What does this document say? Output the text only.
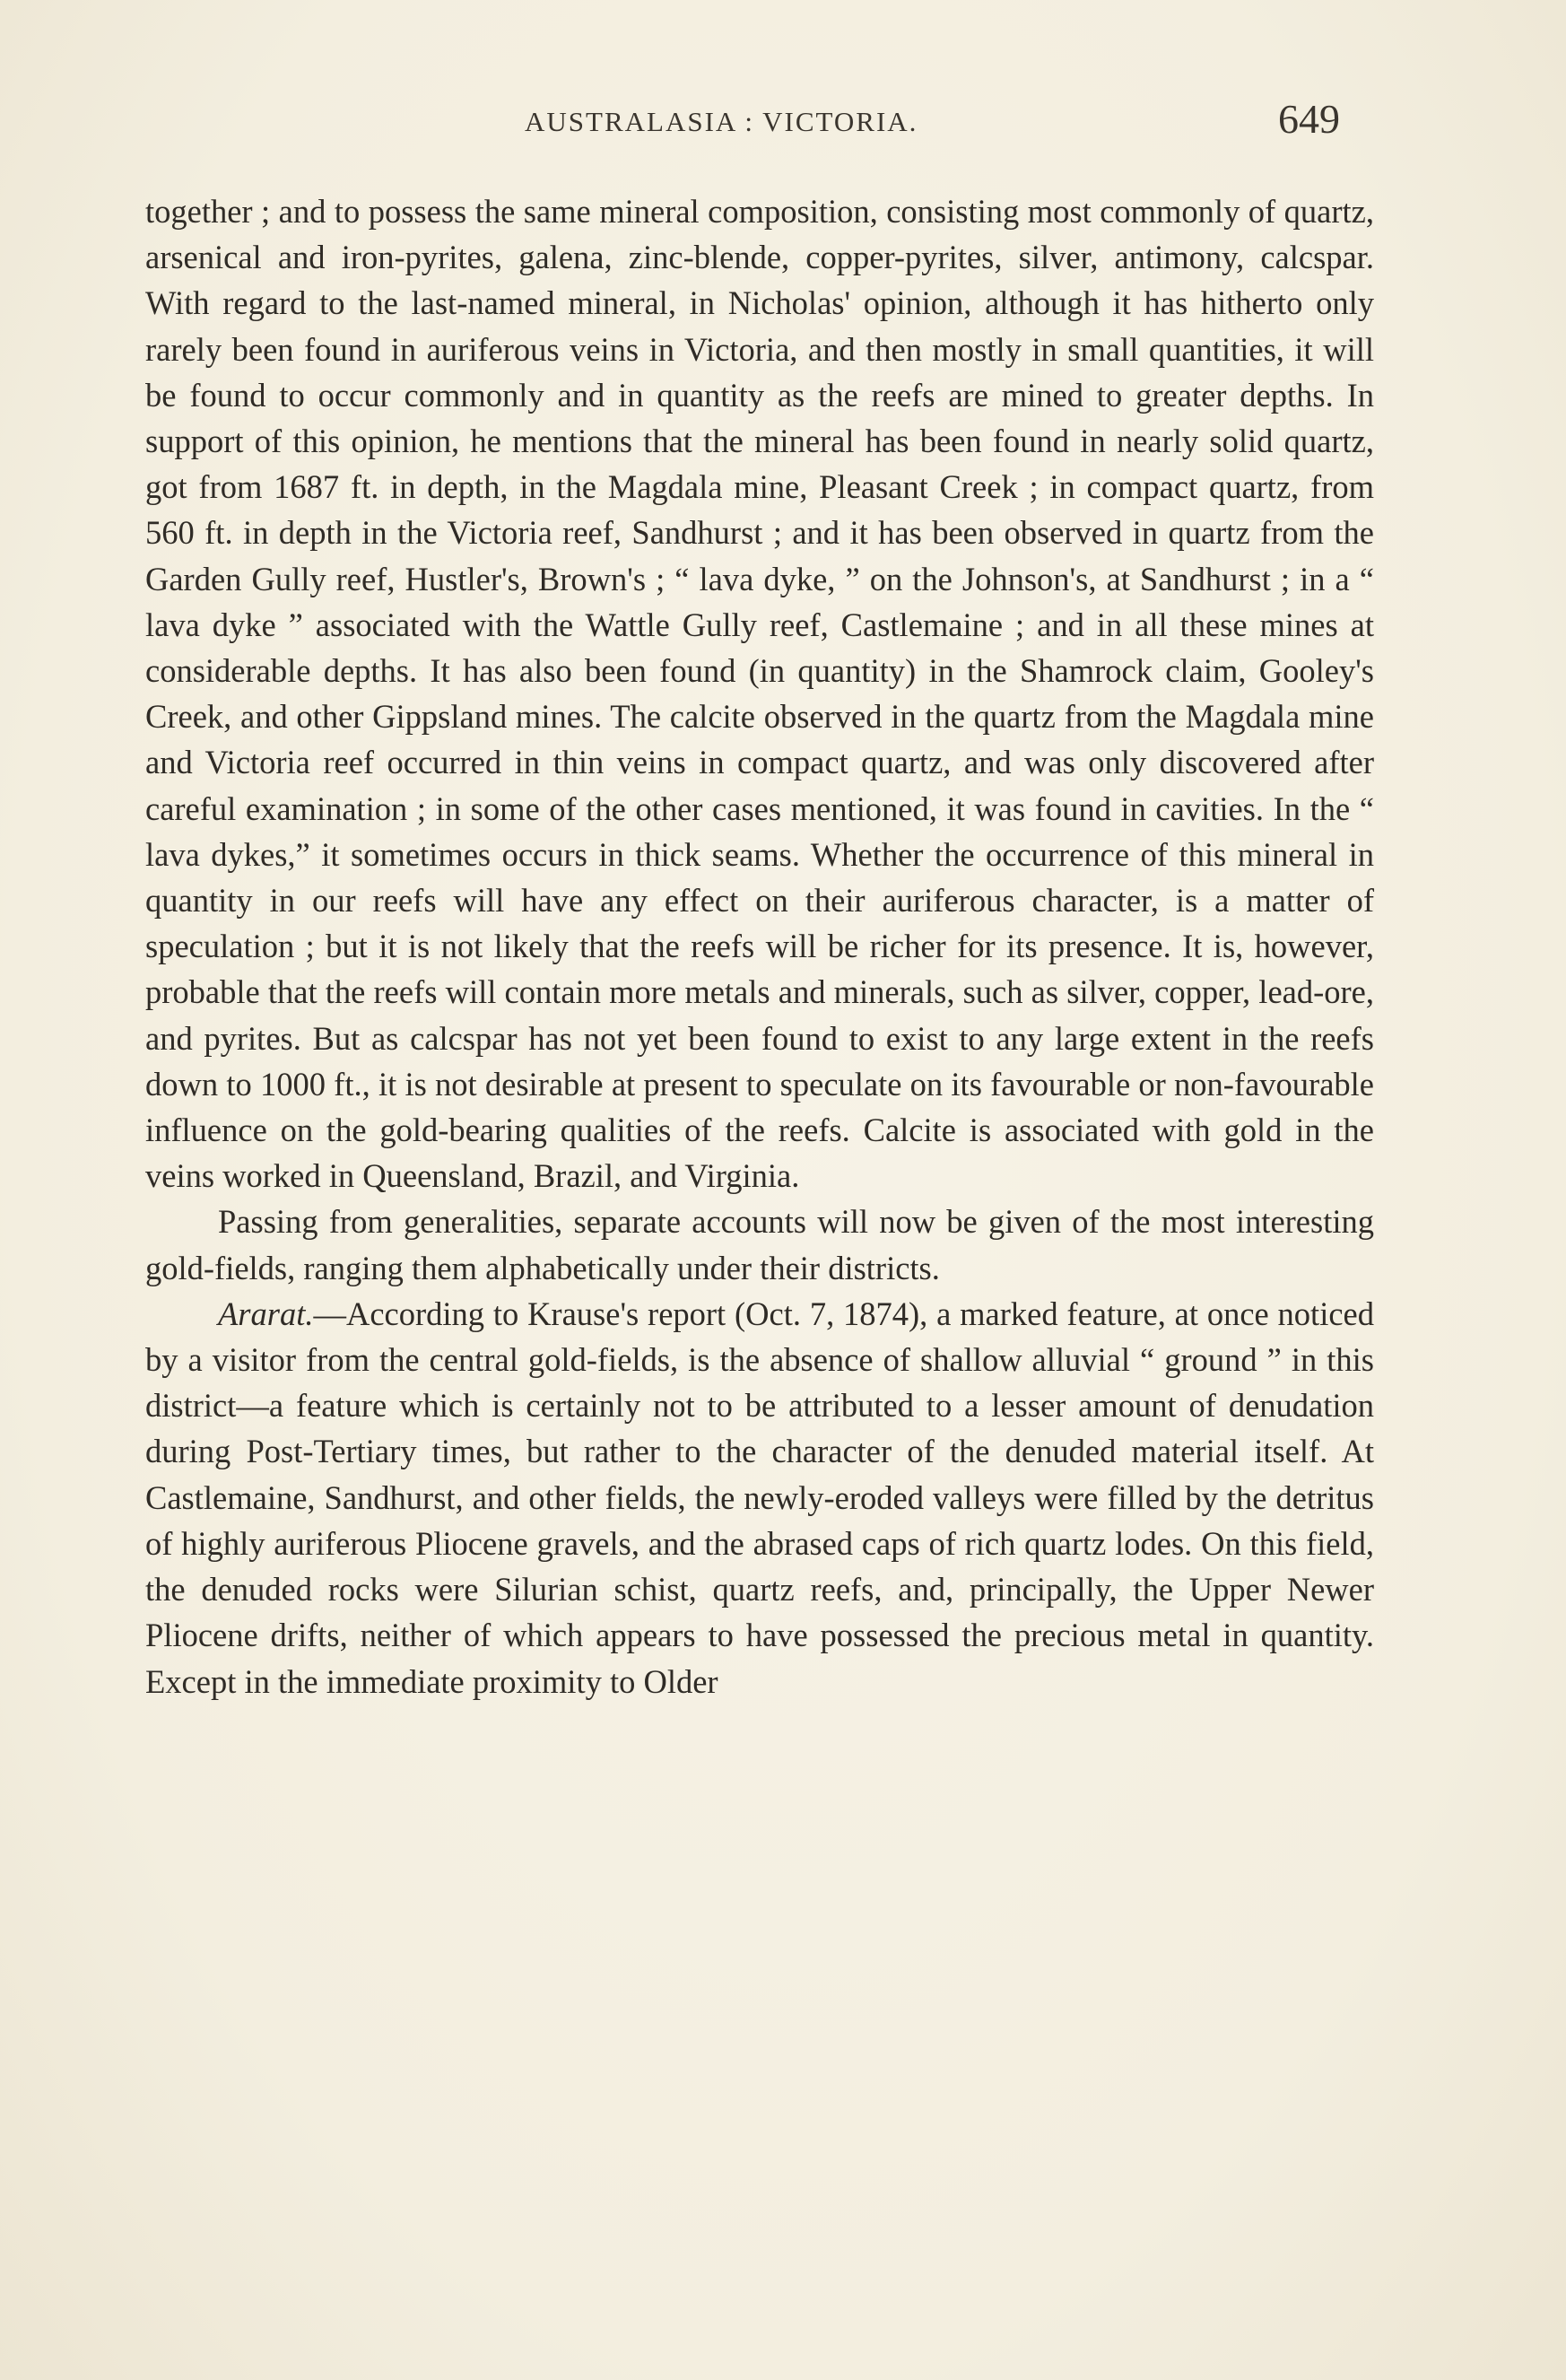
AUSTRALASIA : VICTORIA.	649

together ; and to possess the same mineral composition, consisting most commonly of quartz, arsenical and iron-pyrites, galena, zinc-blende, copper-pyrites, silver, antimony, calcspar. With regard to the last-named mineral, in Nicholas' opinion, although it has hitherto only rarely been found in auriferous veins in Victoria, and then mostly in small quantities, it will be found to occur commonly and in quantity as the reefs are mined to greater depths. In support of this opinion, he mentions that the mineral has been found in nearly solid quartz, got from 1687 ft. in depth, in the Magdala mine, Pleasant Creek ; in compact quartz, from 560 ft. in depth in the Victoria reef, Sandhurst ; and it has been observed in quartz from the Garden Gully reef, Hustler's, Brown's ; “ lava dyke, ” on the Johnson's, at Sandhurst ; in a “ lava dyke ” associated with the Wattle Gully reef, Castlemaine ; and in all these mines at considerable depths. It has also been found (in quantity) in the Shamrock claim, Gooley's Creek, and other Gippsland mines. The calcite observed in the quartz from the Magdala mine and Victoria reef occurred in thin veins in compact quartz, and was only discovered after careful examination ; in some of the other cases mentioned, it was found in cavities. In the “ lava dykes,” it sometimes occurs in thick seams. Whether the occurrence of this mineral in quantity in our reefs will have any effect on their auriferous character, is a matter of speculation ; but it is not likely that the reefs will be richer for its presence. It is, however, probable that the reefs will contain more metals and minerals, such as silver, copper, lead-ore, and pyrites. But as calcspar has not yet been found to exist to any large extent in the reefs down to 1000 ft., it is not desirable at present to speculate on its favourable or non-favourable influence on the gold-bearing qualities of the reefs. Calcite is associated with gold in the veins worked in Queensland, Brazil, and Virginia.

Passing from generalities, separate accounts will now be given of the most interesting gold-fields, ranging them alphabetically under their districts.

Ararat.—According to Krause's report (Oct. 7, 1874), a marked feature, at once noticed by a visitor from the central gold-fields, is the absence of shallow alluvial “ ground ” in this district—a feature which is certainly not to be attributed to a lesser amount of denudation during Post-Tertiary times, but rather to the character of the denuded material itself. At Castlemaine, Sandhurst, and other fields, the newly-eroded valleys were filled by the detritus of highly auriferous Pliocene gravels, and the abrased caps of rich quartz lodes. On this field, the denuded rocks were Silurian schist, quartz reefs, and, principally, the Upper Newer Pliocene drifts, neither of which appears to have possessed the precious metal in quantity. Except in the immediate proximity to Older
